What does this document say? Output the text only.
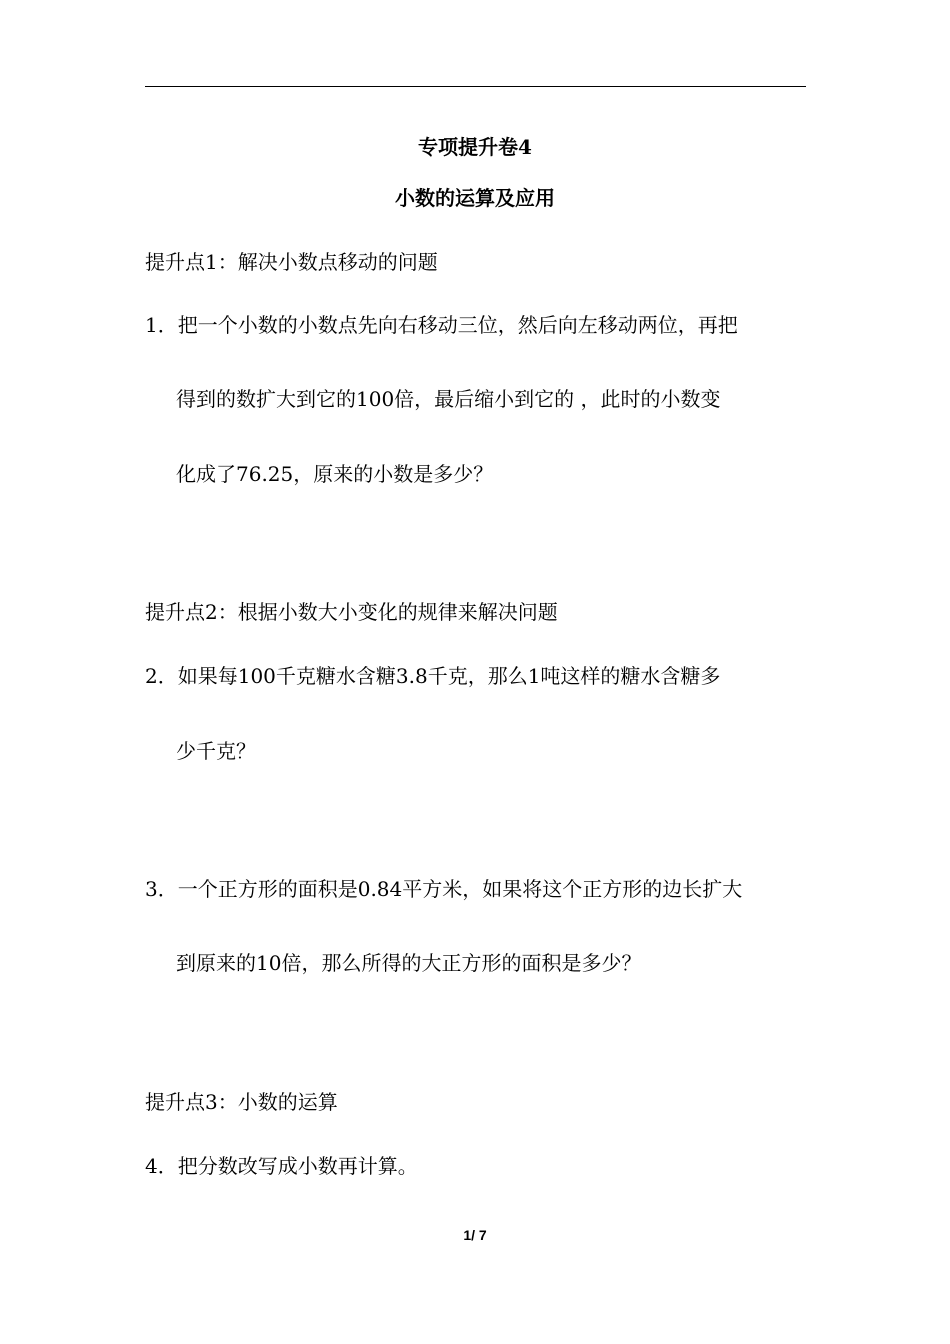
专项提升卷4
小数的运算及应用
提升点1：解决小数点移动的问题
1．把一个小数的小数点先向右移动三位，然后向左移动两位，再把
得到的数扩大到它的100倍，最后缩小到它的 ，此时的小数变
化成了76.25，原来的小数是多少？
提升点2：根据小数大小变化的规律来解决问题
2．如果每100千克糖水含糖3.8千克，那么1吨这样的糖水含糖多
少千克？
3．一个正方形的面积是0.84平方米，如果将这个正方形的边长扩大
到原来的10倍，那么所得的大正方形的面积是多少？
提升点3：小数的运算
4．把分数改写成小数再计算。
1/ 7
